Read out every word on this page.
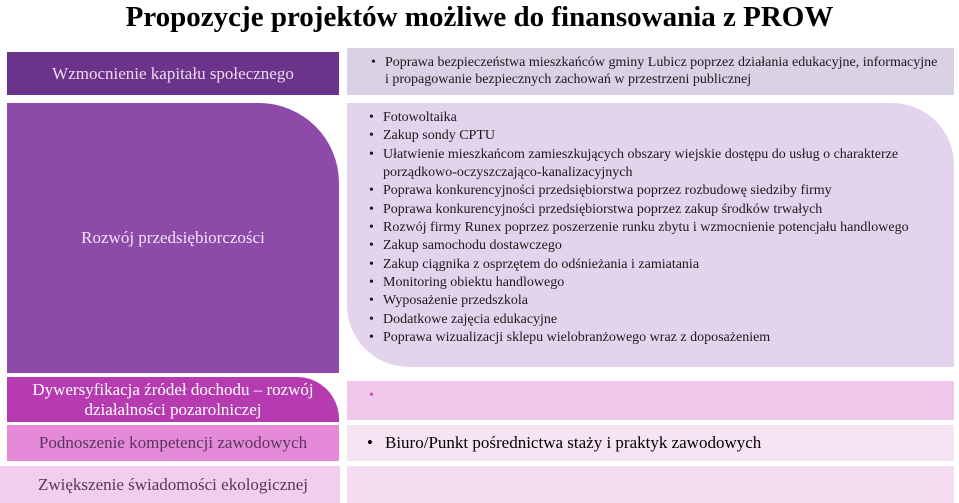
Propozycje projektów możliwe do finansowania z PROW
Wzmocnienie kapitału społecznego
• Poprawa bezpieczeństwa mieszkańców gminy Lubicz poprzez działania edukacyjne, informacyjne i propagowanie bezpiecznych zachowań w przestrzeni publicznej
Rozwój przedsiębiorczości
• Fotowoltaika
• Zakup sondy CPTU
• Ułatwienie mieszkańcom zamieszkujących obszary wiejskie dostępu do usług o charakterze porządkowo-oczyszczająco-kanalizacyjnych
• Poprawa konkurencyjności przedsiębiorstwa poprzez rozbudowę siedziby firmy
• Poprawa konkurencyjności przedsiębiorstwa poprzez zakup środków trwałych
• Rozwój firmy Runex poprzez poszerzenie runku zbytu i wzmocnienie potencjału handlowego
• Zakup samochodu dostawczego
• Zakup ciągnika z osprzętem do odśnieżania i zamiatania
• Monitoring obiektu handlowego
• Wyposażenie przedszkola
• Dodatkowe zajęcia edukacyjne
• Poprawa wizualizacji sklepu wielobranżowego wraz z doposażeniem
Dywersyfikacja źródeł dochodu – rozwój działalności pozarolniczej
Podnoszenie kompetencji zawodowych
•	Biuro/Punkt pośrednictwa staży i praktyk zawodowych
Zwiększenie świadomości ekologicznej
